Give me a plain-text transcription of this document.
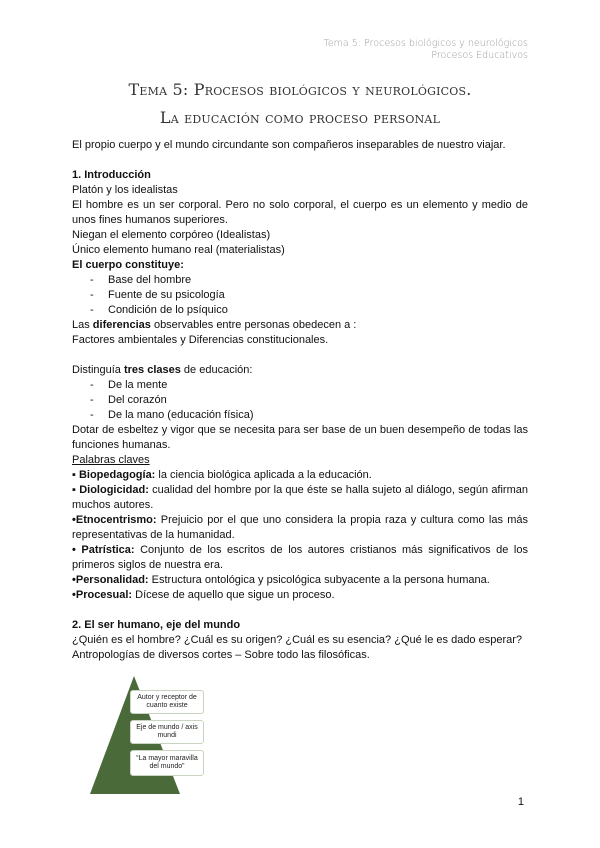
Tema 5: Procesos biológicos y neurológicos
Procesos Educativos
Tema 5: Procesos biológicos y neurológicos.
La educación como proceso personal

El propio cuerpo y el mundo circundante son compañeros inseparables de nuestro viajar.

1. Introducción

Platón y los idealistas

El hombre es un ser corporal. Pero no solo corporal, el cuerpo es un elemento y medio de unos fines humanos superiores.

Niegan el elemento corpóreo (Idealistas)

Único elemento humano real (materialistas)

El cuerpo constituye:

- Base del hombre
- Fuente de su psicología
- Condición de lo psíquico

Las diferencias observables entre personas obedecen a :

Factores ambientales y Diferencias constitucionales.

Distinguía tres clases de educación:

- De la mente
- Del corazón
- De la mano (educación física)

Dotar de esbeltez y vigor que se necesita para ser base de un buen desempeño de todas las funciones humanas.

Palabras claves

▪ Biopedagogía: la ciencia biológica aplicada a la educación.

▪ Diologicidad: cualidad del hombre por la que éste se halla sujeto al diálogo, según afirman muchos autores.

•Etnocentrismo: Prejuicio por el que uno considera la propia raza y cultura como las más representativas de la humanidad.

• Patrística: Conjunto de los escritos de los autores cristianos más significativos de los primeros siglos de nuestra era.

•Personalidad: Estructura ontológica y psicológica subyacente a la persona humana.

•Procesual: Dícese de aquello que sigue un proceso.

2. El ser humano, eje del mundo

¿Quién es el hombre? ¿Cuál es su origen? ¿Cuál es su esencia? ¿Qué le es dado esperar?

Antropologías de diversos cortes – Sobre todo las filosóficas.

Autor y receptor de cuanto existe
Eje de mundo / axis mundi
“La mayor maravilla del mundo”
1
